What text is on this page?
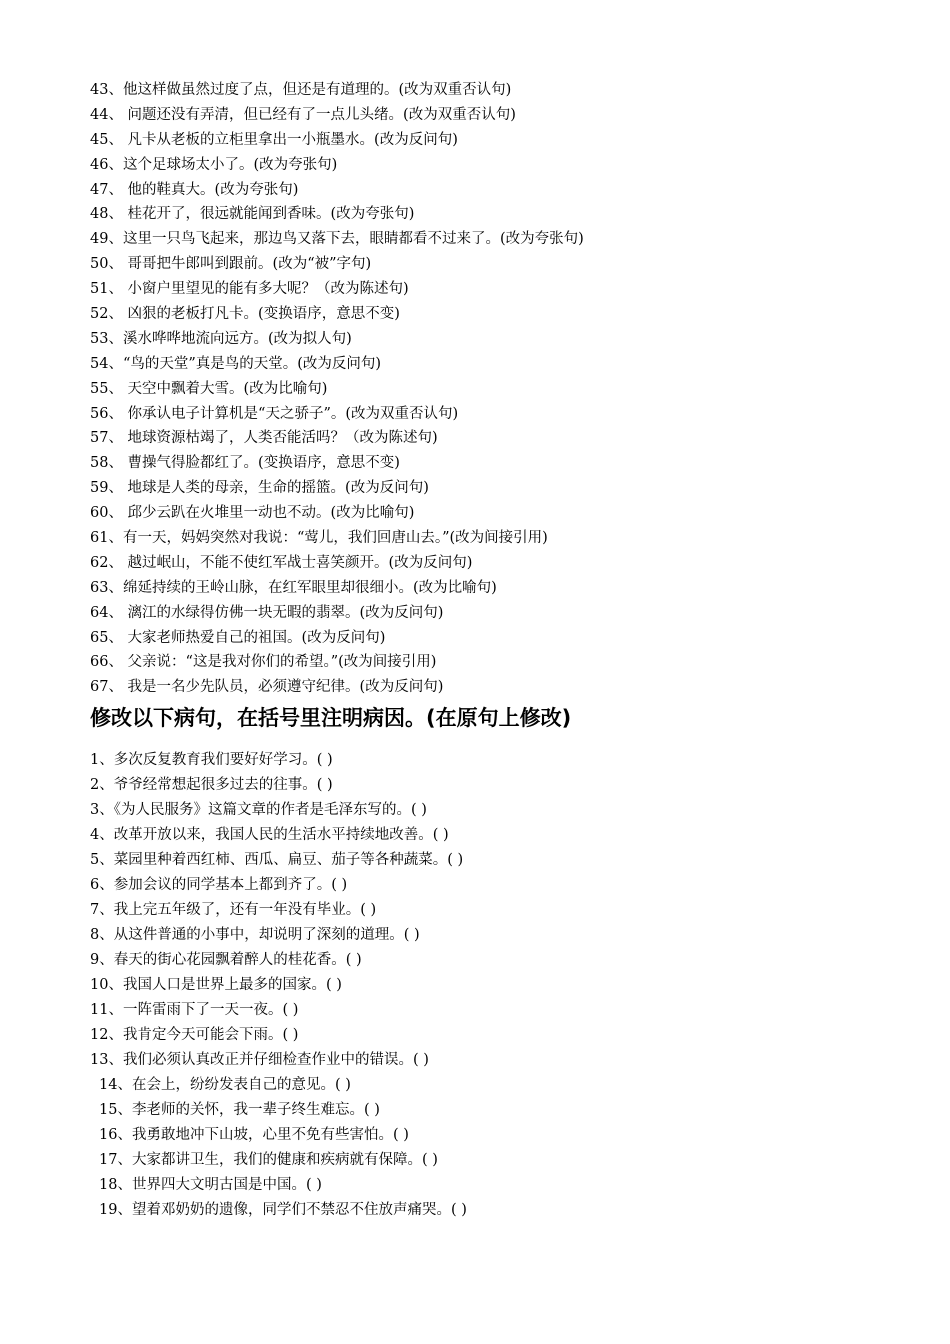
43、他这样做虽然过度了点，但还是有道理的。(改为双重否认句)
44、 问题还没有弄清，但已经有了一点儿头绪。(改为双重否认句)
45、 凡卡从老板的立柜里拿出一小瓶墨水。(改为反问句)
46、这个足球场太小了。(改为夸张句)
47、 他的鞋真大。(改为夸张句)
48、 桂花开了，很远就能闻到香味。(改为夸张句)
49、这里一只鸟飞起来，那边鸟又落下去，眼睛都看不过来了。(改为夸张句)
50、 哥哥把牛郎叫到跟前。(改为“被”字句)
51、 小窗户里望见的能有多大呢？（改为陈述句)
52、 凶狠的老板打凡卡。(变换语序，意思不变)
53、溪水哗哗地流向远方。(改为拟人句)
54、“鸟的天堂”真是鸟的天堂。(改为反问句)
55、 天空中飘着大雪。(改为比喻句)
56、 你承认电子计算机是“天之骄子”。(改为双重否认句)
57、 地球资源枯竭了，人类否能活吗？（改为陈述句)
58、 曹操气得脸都红了。(变换语序，意思不变)
59、 地球是人类的母亲，生命的摇篮。(改为反问句)
60、 邱少云趴在火堆里一动也不动。(改为比喻句)
61、有一天，妈妈突然对我说：“莺儿，我们回唐山去。”(改为间接引用)
62、 越过岷山，不能不使红军战士喜笑颜开。(改为反问句)
63、绵延持续的王岭山脉，在红军眼里却很细小。(改为比喻句)
64、 漓江的水绿得仿佛一块无暇的翡翠。(改为反问句)
65、 大家老师热爱自己的祖国。(改为反问句)
66、 父亲说：“这是我对你们的希望。”(改为间接引用)
67、 我是一名少先队员，必须遵守纪律。(改为反问句)
修改以下病句，在括号里注明病因。(在原句上修改)
1、多次反复教育我们要好好学习。( )
2、爷爷经常想起很多过去的往事。( )
3、《为人民服务》这篇文章的作者是毛泽东写的。( )
4、改革开放以来，我国人民的生活水平持续地改善。( )
5、菜园里种着西红柿、西瓜、扁豆、茄子等各种蔬菜。( )
6、参加会议的同学基本上都到齐了。( )
7、我上完五年级了，还有一年没有毕业。( )
8、从这件普通的小事中，却说明了深刻的道理。( )
9、春天的街心花园飘着醉人的桂花香。( )
10、我国人口是世界上最多的国家。( )
11、一阵雷雨下了一天一夜。( )
12、我肯定今天可能会下雨。( )
13、我们必须认真改正并仔细检查作业中的错误。( )
14、在会上，纷纷发表自己的意见。( )
15、李老师的关怀，我一辈子终生难忘。( )
16、我勇敢地冲下山坡，心里不免有些害怕。( )
17、大家都讲卫生，我们的健康和疾病就有保障。( )
18、世界四大文明古国是中国。( )
19、望着邓奶奶的遗像，同学们不禁忍不住放声痛哭。( )
